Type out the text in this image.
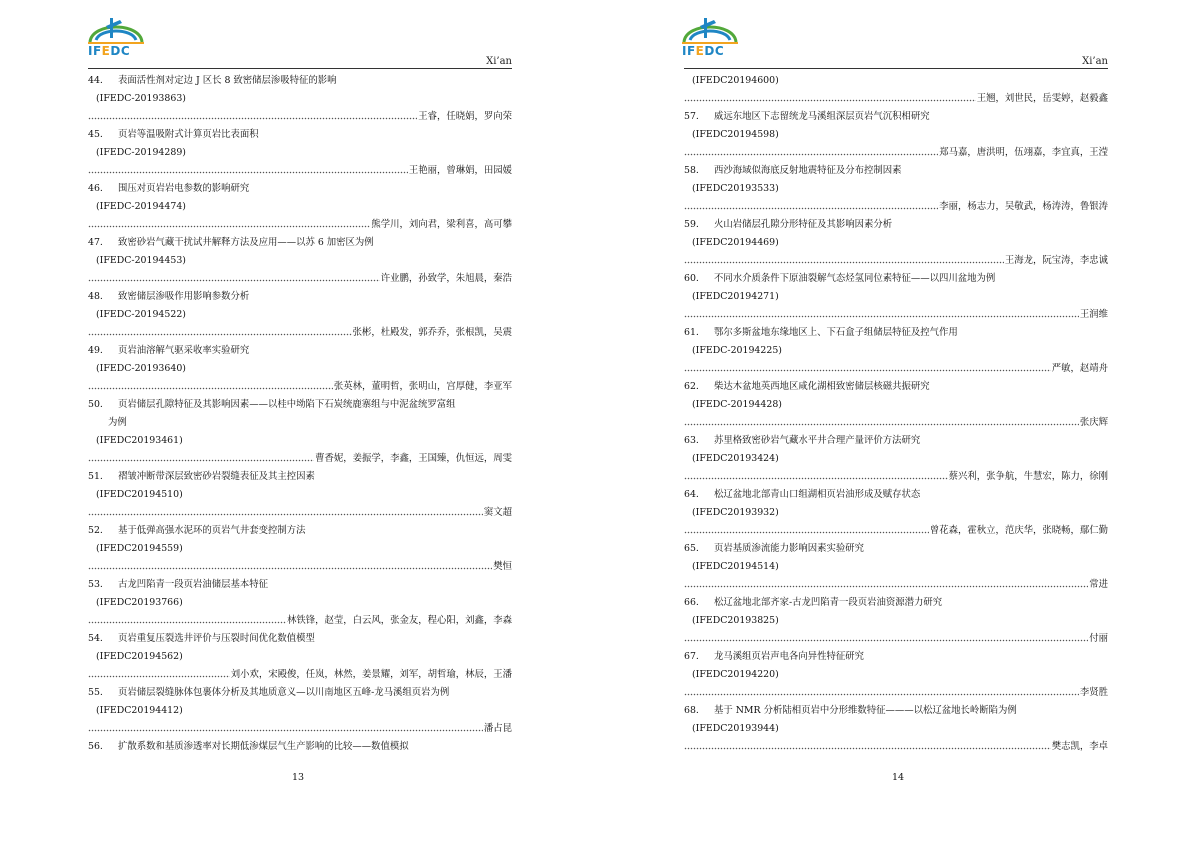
IFEDC
Xi’an
44.	表面活性剂对定边 J 区长 8 致密储层渗吸特征的影响
(IFEDC-20193863)
王睿，任晓娟，罗向荣
45.	页岩等温吸附式计算页岩比表面积
(IFEDC-20194289)
王艳丽，曾琳娟，田园媛
46.	围压对页岩岩电参数的影响研究
(IFEDC-20194474)
熊学川，刘向君，梁利喜，高可攀
47.	致密砂岩气藏干扰试井解释方法及应用——以苏 6 加密区为例
(IFEDC-20194453)
许业鹏，孙致学，朱旭晨，秦浩
48.	致密储层渗吸作用影响参数分析
(IFEDC-20194522)
张彬，杜殿发，郭乔乔，张根凯，吴震
49.	页岩油溶解气驱采收率实验研究
(IFEDC-20193640)
张英林，董明哲，张明山，宫厚健，李亚军
50.	页岩储层孔隙特征及其影响因素——以桂中坳陷下石炭统鹿寨组与中泥盆统罗富组
为例
(IFEDC20193461)
曹香妮，姜振学，李鑫，王国臻，仇恒远，周雯
51.	褶皱冲断带深层致密砂岩裂缝表征及其主控因素
(IFEDC20194510)
窦文超
52.	基于低弹高强水泥环的页岩气井套变控制方法
(IFEDC20194559)
樊恒
53.	古龙凹陷青一段页岩油储层基本特征
(IFEDC20193766)
林铁锋，赵莹，白云风，张金友，程心阳，刘鑫，李森
54.	页岩重复压裂选井评价与压裂时间优化数值模型
(IFEDC20194562)
刘小欢，宋殿俊，任岚，林然，姜景耀，刘军，胡哲瑜，林辰，王潘
55.	页岩储层裂缝脉体包裹体分析及其地质意义—以川南地区五峰-龙马溪组页岩为例
(IFEDC20194412)
潘占昆
56.	扩散系数和基质渗透率对长期低渗煤层气生产影响的比较——数值模拟
13
IFEDC
Xi’an
(IFEDC20194600)
王翘，刘世民，岳雯婷，赵毅鑫
57.	威远东地区下志留统龙马溪组深层页岩气沉积相研究
(IFEDC20194598)
郑马嘉，唐洪明，伍翊嘉，李宜真，王滢
58.	西沙海域似海底反射地震特征及分布控制因素
(IFEDC20193533)
李丽，杨志力，吴敬武，杨涛涛，鲁银涛
59.	火山岩储层孔隙分形特征及其影响因素分析
(IFEDC20194469)
王海龙，阮宝涛，李忠诚
60.	不同水介质条件下原油裂解气态烃氢同位素特征——以四川盆地为例
(IFEDC20194271)
王润维
61.	鄂尔多斯盆地东缘地区上、下石盒子组储层特征及控气作用
(IFEDC-20194225)
严敏，赵靖舟
62.	柴达木盆地英西地区咸化湖相致密储层核磁共振研究
(IFEDC-20194428)
张庆辉
63.	苏里格致密砂岩气藏水平井合理产量评价方法研究
(IFEDC20193424)
蔡兴利，张争航，牛慧宏，陈力，徐刚
64.	松辽盆地北部青山口组湖相页岩油形成及赋存状态
(IFEDC20193932)
曾花森，霍秋立，范庆华，张晓畅，鄢仁勤
65.	页岩基质渗流能力影响因素实验研究
(IFEDC20194514)
常进
66.	松辽盆地北部齐家-古龙凹陷青一段页岩油资源潜力研究
(IFEDC20193825)
付丽
67.	龙马溪组页岩声电各向异性特征研究
(IFEDC20194220)
李贤胜
68.	基于 NMR 分析陆相页岩中分形维数特征———以松辽盆地长岭断陷为例
(IFEDC20193944)
樊志凯，李卓
14
